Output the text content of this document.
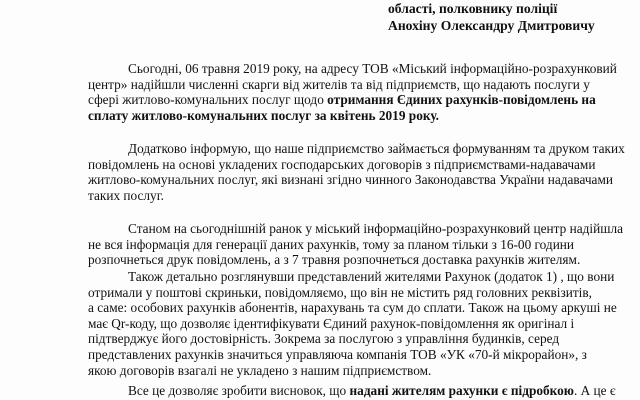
області, полковнику поліції
Анохіну Олександру Дмитровичу
Сьогодні, 06 травня 2019 року, на адресу ТОВ «Міський інформаційно-розрахунковий
центр» надійшли численні скарги від жителів та від підприємств, що надають послуги у
сфері житлово-комунальних послуг щодо отримання Єдиних рахунків-повідомлень на
сплату житлово-комунальних послуг за квітень 2019 року.
Додатково інформую, що наше підприємство займається формуванням та друком таких
повідомлень на основі укладених господарських договорів з підприємствами-надавачами
житлово-комунальних послуг, які визнані згідно чинного Законодавства України надавачами
таких послуг.
Станом на сьогоднішній ранок у міський інформаційно-розрахунковий центр надійшла
не вся інформація для генерації даних рахунків, тому за планом тільки з 16-00 години
розпочнеться друк повідомлень, а з 7 травня розпочнеться доставка рахунків жителям.
Також детально розглянувши представлений жителями Рахунок (додаток 1) , що вони
отримали у поштові скриньки, повідомляємо, що він не містить ряд головних реквізитів,
а саме: особових рахунків абонентів, нарахувань та сум до сплати. Також на цьому аркуші не
має Qr-коду, що дозволяє ідентифікувати Єдиний рахунок-повідомлення як оригінал і
підтверджує його достовірність. Зокрема за послугою з управління будинків, серед
представлених рахунків значиться управляюча компанія ТОВ «УК «70-й мікрорайон», з
якою договорів взагалі не укладено з нашим підприємством.
Все це дозволяє зробити висновок, що надані жителям рахунки є підробкою. А це є
